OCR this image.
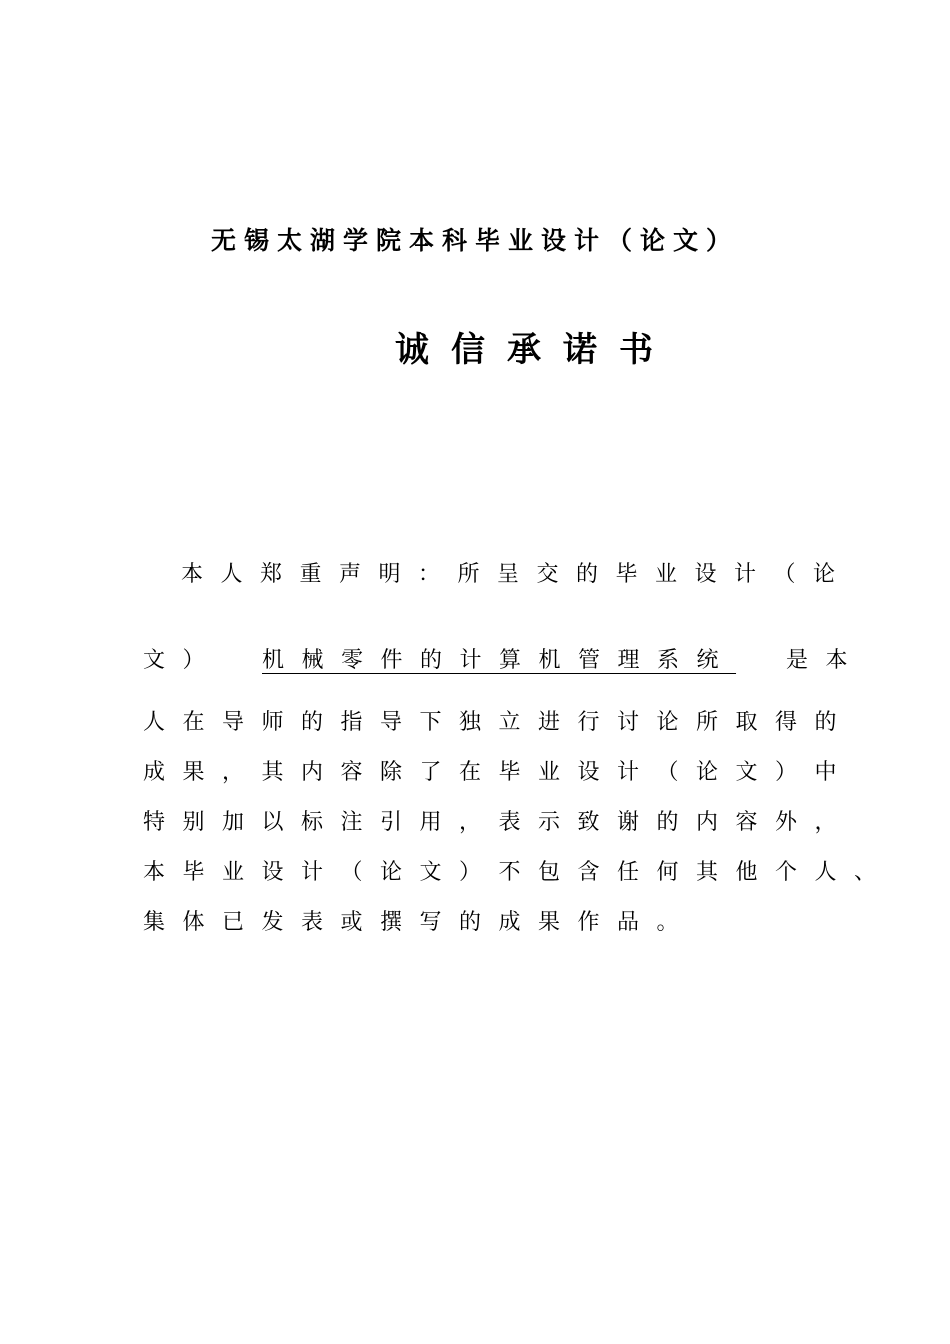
无锡太湖学院本科毕业设计（论文）
诚信承诺书
本人郑重声明：所呈交的毕业设计（论
文） 机械零件的计算机管理系统 是本
人在导师的指导下独立进行讨论所取得的
成果，其内容除了在毕业设计（论文）中
特别加以标注引用，表示致谢的内容外，
本毕业设计（论文）不包含任何其他个人、
集体已发表或撰写的成果作品。
